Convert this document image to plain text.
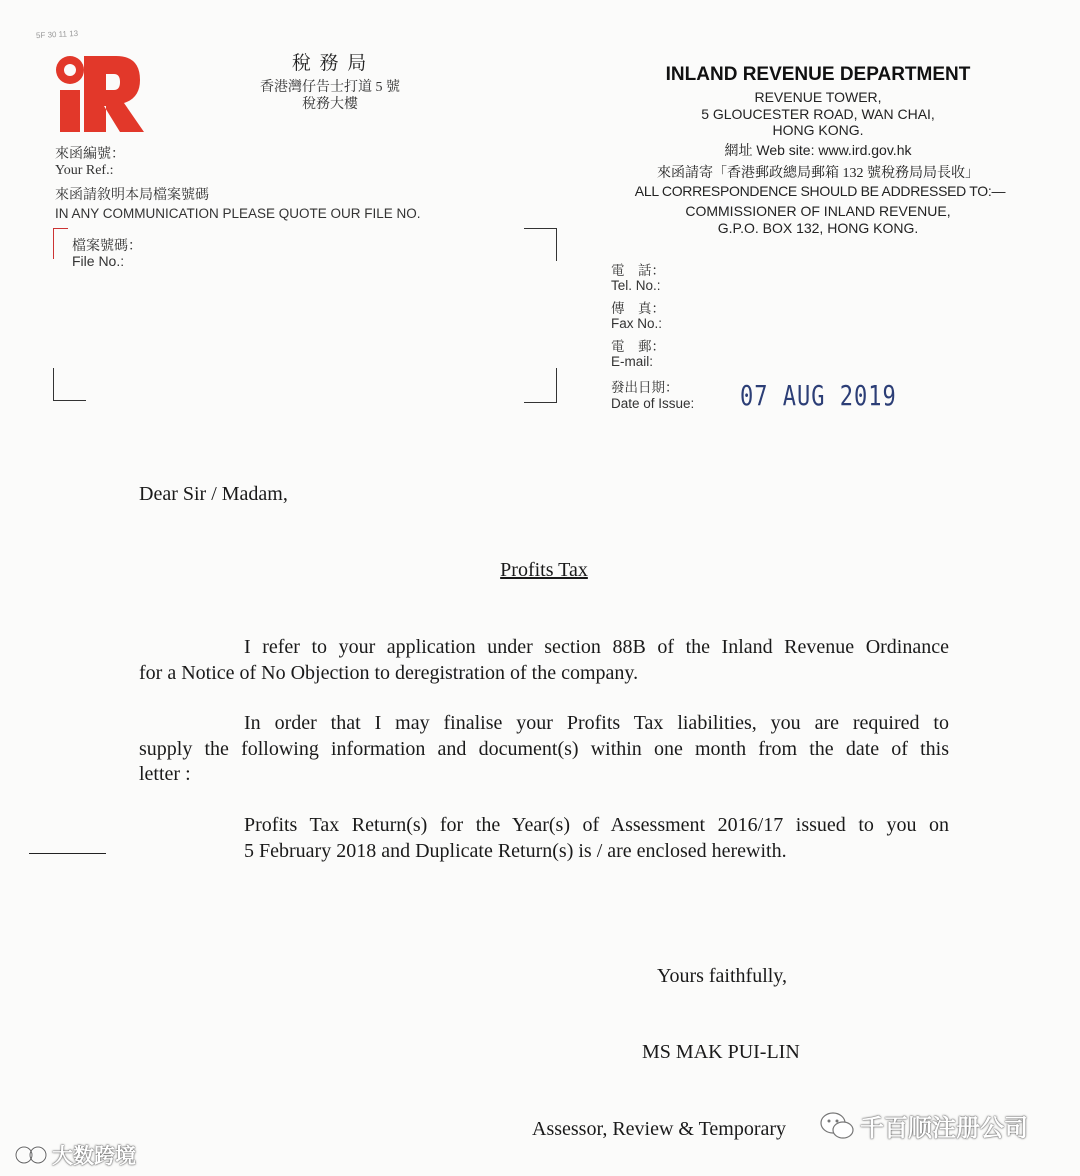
5F 30 11 13
來函編號：
Your Ref.:
來函請敘明本局檔案號碼
IN ANY COMMUNICATION PLEASE QUOTE OUR FILE NO.
檔案號碼：
File No.:
稅 務 局
香港灣仔告士打道 5 號
稅務大樓
INLAND REVENUE DEPARTMENT
REVENUE TOWER,
5 GLOUCESTER ROAD, WAN CHAI,
HONG KONG.
網址 Web site: www.ird.gov.hk
來函請寄「香港郵政總局郵箱 132 號稅務局局長收」
ALL CORRESPONDENCE SHOULD BE ADDRESSED TO:—
COMMISSIONER OF INLAND REVENUE,
G.P.O. BOX 132, HONG KONG.
電　話：
Tel. No.:
傳　真：
Fax No.:
電　郵：
E-mail:
發出日期：
Date of Issue: 07 AUG 2019
Dear Sir / Madam,
Profits Tax
I refer to your application under section 88B of the Inland Revenue Ordinance
for a Notice of No Objection to deregistration of the company.
In order that I may finalise your Profits Tax liabilities, you are required to
supply the following information and document(s) within one month from the date of this
letter :
Profits Tax Return(s) for the Year(s) of Assessment 2016/17 issued to you on
5 February 2018 and Duplicate Return(s) is / are enclosed herewith.
Yours faithfully,
MS MAK PUI-LIN
Assessor, Review & Temporary
大数跨境
千百顺注册公司
